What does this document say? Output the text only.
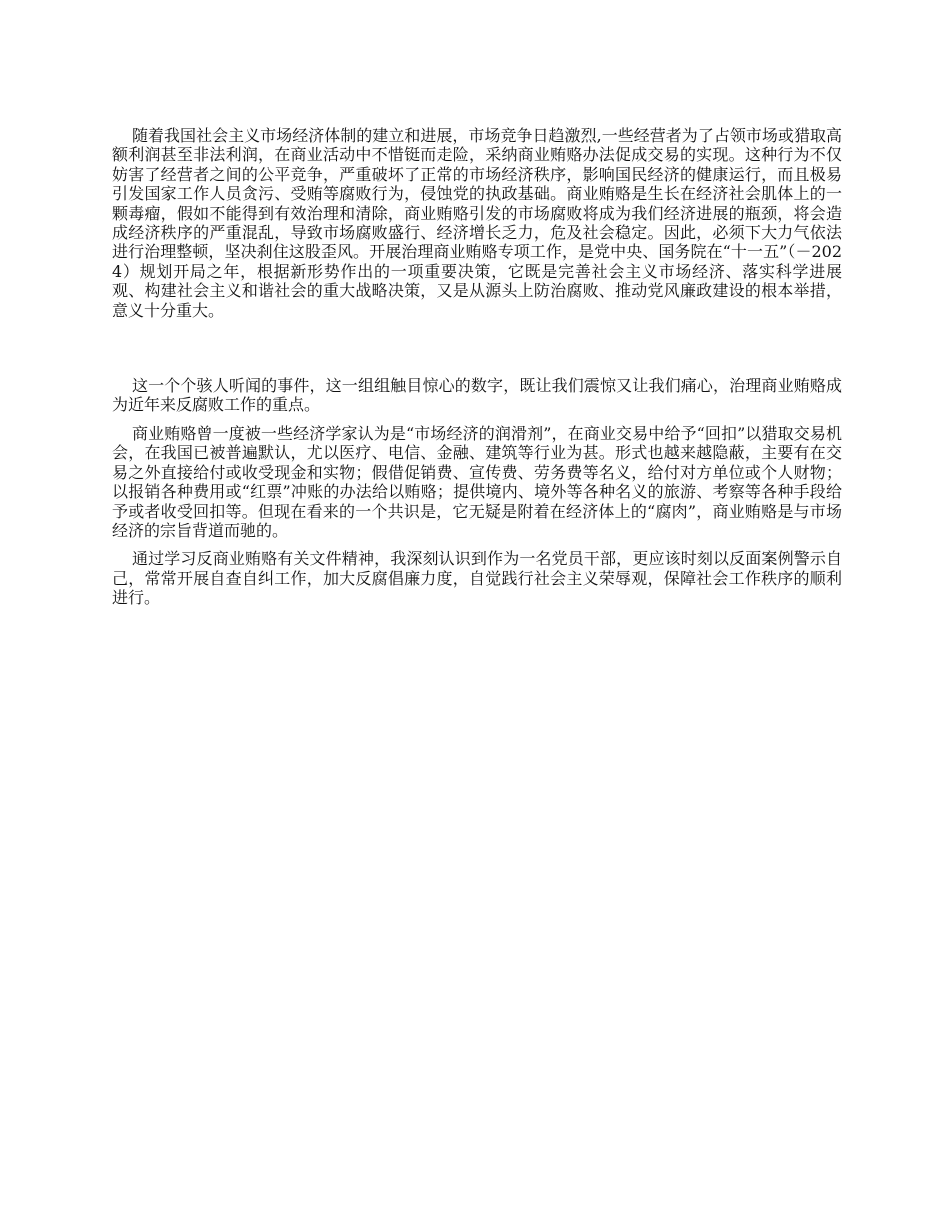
随着我国社会主义市场经济体制的建立和进展，市场竞争日趋激烈,一些经营者为了占领市场或猎取高额利润甚至非法利润，在商业活动中不惜铤而走险，采纳商业贿赂办法促成交易的实现。这种行为不仅妨害了经营者之间的公平竞争，严重破坏了正常的市场经济秩序，影响国民经济的健康运行，而且极易引发国家工作人员贪污、受贿等腐败行为，侵蚀党的执政基础。商业贿赂是生长在经济社会肌体上的一颗毒瘤，假如不能得到有效治理和清除，商业贿赂引发的市场腐败将成为我们经济进展的瓶颈，将会造成经济秩序的严重混乱，导致市场腐败盛行、经济增长乏力，危及社会稳定。因此，必须下大力气依法进行治理整顿，坚决刹住这股歪风。开展治理商业贿赂专项工作，是党中央、国务院在“十一五”（－2024）规划开局之年，根据新形势作出的一项重要决策，它既是完善社会主义市场经济、落实科学进展观、构建社会主义和谐社会的重大战略决策，又是从源头上防治腐败、推动党风廉政建设的根本举措，意义十分重大。

这一个个骇人听闻的事件，这一组组触目惊心的数字，既让我们震惊又让我们痛心，治理商业贿赂成为近年来反腐败工作的重点。

商业贿赂曾一度被一些经济学家认为是“市场经济的润滑剂”，在商业交易中给予“回扣”以猎取交易机会，在我国已被普遍默认，尤以医疗、电信、金融、建筑等行业为甚。形式也越来越隐蔽，主要有在交易之外直接给付或收受现金和实物；假借促销费、宣传费、劳务费等名义，给付对方单位或个人财物；以报销各种费用或“红票”冲账的办法给以贿赂；提供境内、境外等各种名义的旅游、考察等各种手段给予或者收受回扣等。但现在看来的一个共识是，它无疑是附着在经济体上的“腐肉”，商业贿赂是与市场经济的宗旨背道而驰的。

通过学习反商业贿赂有关文件精神，我深刻认识到作为一名党员干部，更应该时刻以反面案例警示自己，常常开展自查自纠工作，加大反腐倡廉力度，自觉践行社会主义荣辱观，保障社会工作秩序的顺利进行。
